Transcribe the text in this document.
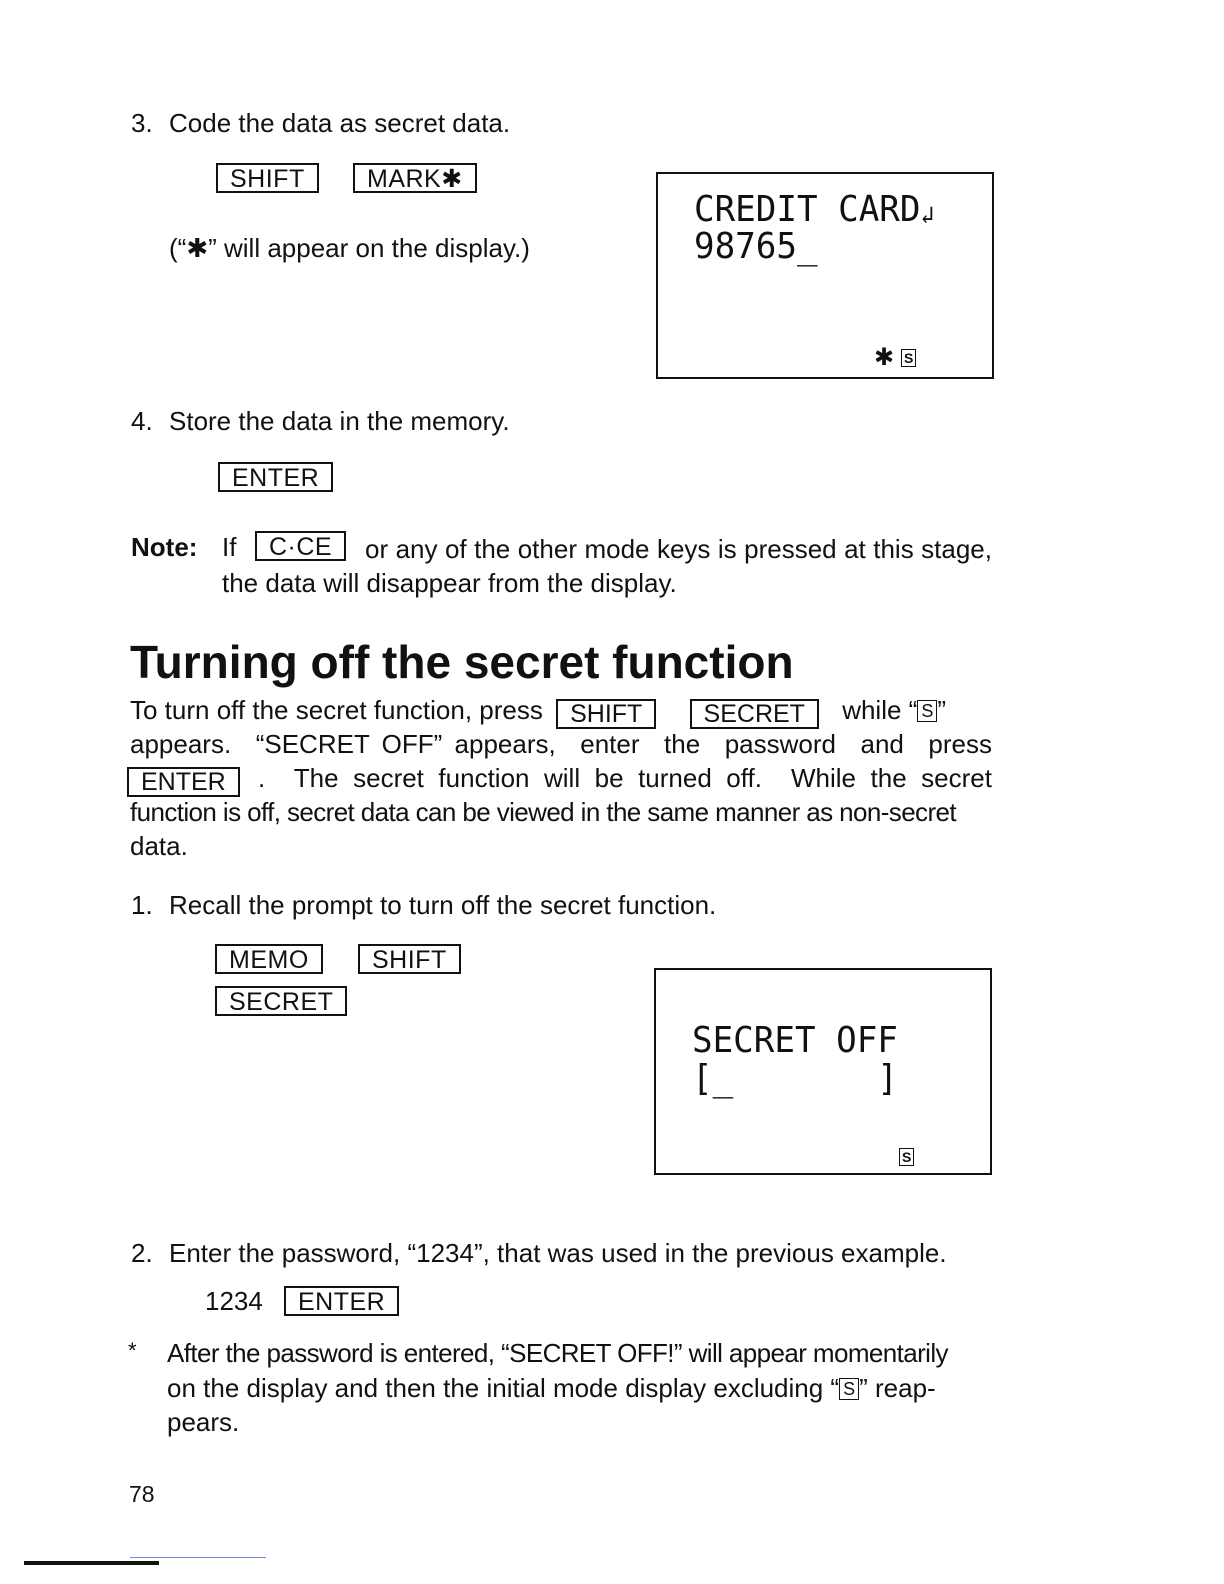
3. Code the data as secret data.
SHIFT	MARK✱
(“✱” will appear on the display.)
CREDIT CARD↲
98765_
✱ S
4. Store the data in the memory.
ENTER
Note: If	C·CE	or any of the other mode keys is pressed at this stage,
the data will disappear from the display.
Turning off the secret function
To turn off the secret function, press SHIFT SECRET while “ S ”
appears.  “SECRET OFF” appears,  enter  the  password  and  press
ENTER .  The secret function will be turned off.  While the secret
function is off, secret data can be viewed in the same manner as non-secret
data.
1. Recall the prompt to turn off the secret function.
MEMO	SHIFT
SECRET
SECRET OFF
[_       ]
S
2. Enter the password, “1234”, that was used in the previous example.
1234	ENTER
* After the password is entered, “SECRET OFF!” will appear momentarily
on the display and then the initial mode display excluding “ S ” reap-
pears.
78
